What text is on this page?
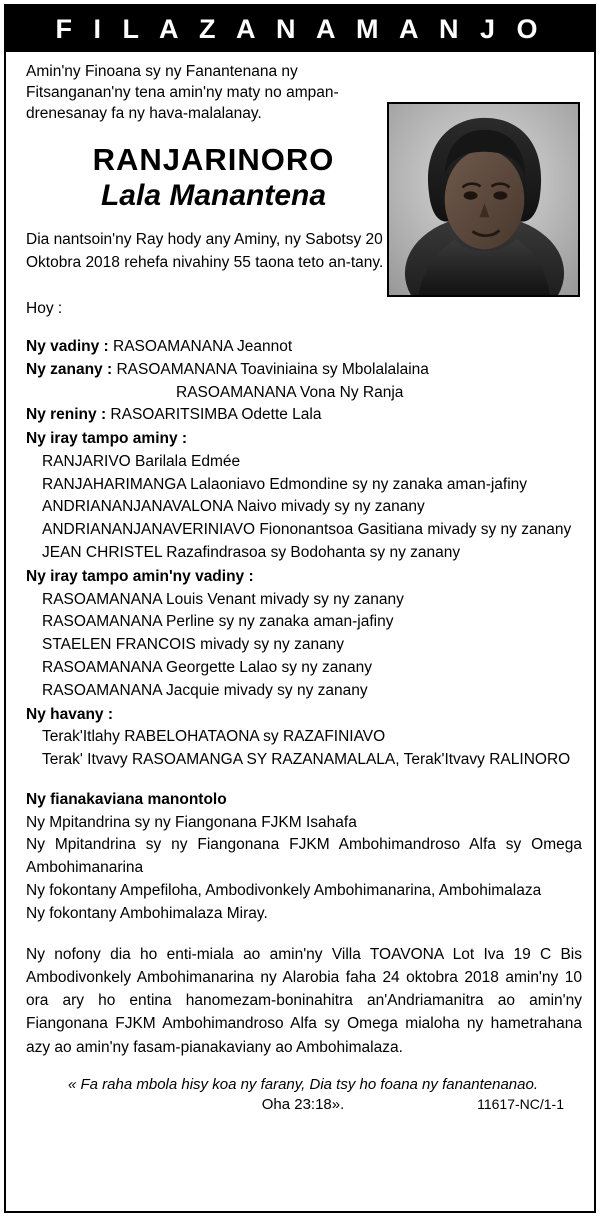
F I L A Z A N A M A N J O
Amin'ny Finoana sy ny Fanantenana ny Fitsanganan'ny tena amin'ny maty no ampan-drenesanay fa ny hava-malalanay.
RANJARINORO
Lala Manantena
Dia nantsoin'ny Ray hody any Aminy, ny Sabotsy 20 Oktobra 2018 rehefa nivahiny 55 taona teto an-tany.
Hoy :
Ny vadiny : RASOAMANANA Jeannot
Ny zanany : RASOAMANANA Toaviniaina sy Mbolalalaina
RASOAMANANA Vona Ny Ranja
Ny reniny : RASOARITSIMBA Odette Lala
Ny iray tampo aminy :
RANJARIVO Barilala Edmée
RANJAHARIMANGA Lalaoniavo Edmondine sy ny zanaka aman-jafiny
ANDRIANANJANAVALONA Naivo mivady sy ny zanany
ANDRIANANJANAVERINIAVO Fiononantsoa Gasitiana mivady sy ny zanany
JEAN CHRISTEL Razafindrasoa sy Bodohanta sy ny zanany
Ny iray tampo amin'ny vadiny :
RASOAMANANA Louis Venant mivady sy ny zanany
RASOAMANANA Perline sy ny zanaka aman-jafiny
STAELEN FRANCOIS mivady sy ny zanany
RASOAMANANA Georgette Lalao sy ny zanany
RASOAMANANA Jacquie mivady sy ny zanany
Ny havany :
Terak'Itlahy RABELOHATAONA sy RAZAFINIAVO
Terak' Itvavy RASOAMANGA SY RAZANAMALALA, Terak'Itvavy RALINORO
Ny fianakaviana manontolo
Ny Mpitandrina sy ny Fiangonana FJKM Isahafa
Ny Mpitandrina sy ny Fiangonana FJKM Ambohimandroso Alfa sy Omega Ambohimanarina
Ny fokontany Ampefiloha, Ambodivonkely Ambohimanarina, Ambohimalaza
Ny fokontany Ambohimalaza Miray.
Ny nofony dia ho enti-miala ao amin'ny Villa TOAVONA Lot Iva 19 C Bis Ambodivonkely Ambohimanarina ny Alarobia faha 24 oktobra 2018 amin'ny 10 ora ary ho entina hanomezam-boninahitra an'Andriamanitra ao amin'ny Fiangonana FJKM Ambohimandroso Alfa sy Omega mialoha ny hametrahana azy ao amin'ny fasam-pianakaviany ao Ambohimalaza.
« Fa raha mbola hisy koa ny farany, Dia tsy ho foana ny fanantenanao.
Oha 23:18».	11617-NC/1-1
